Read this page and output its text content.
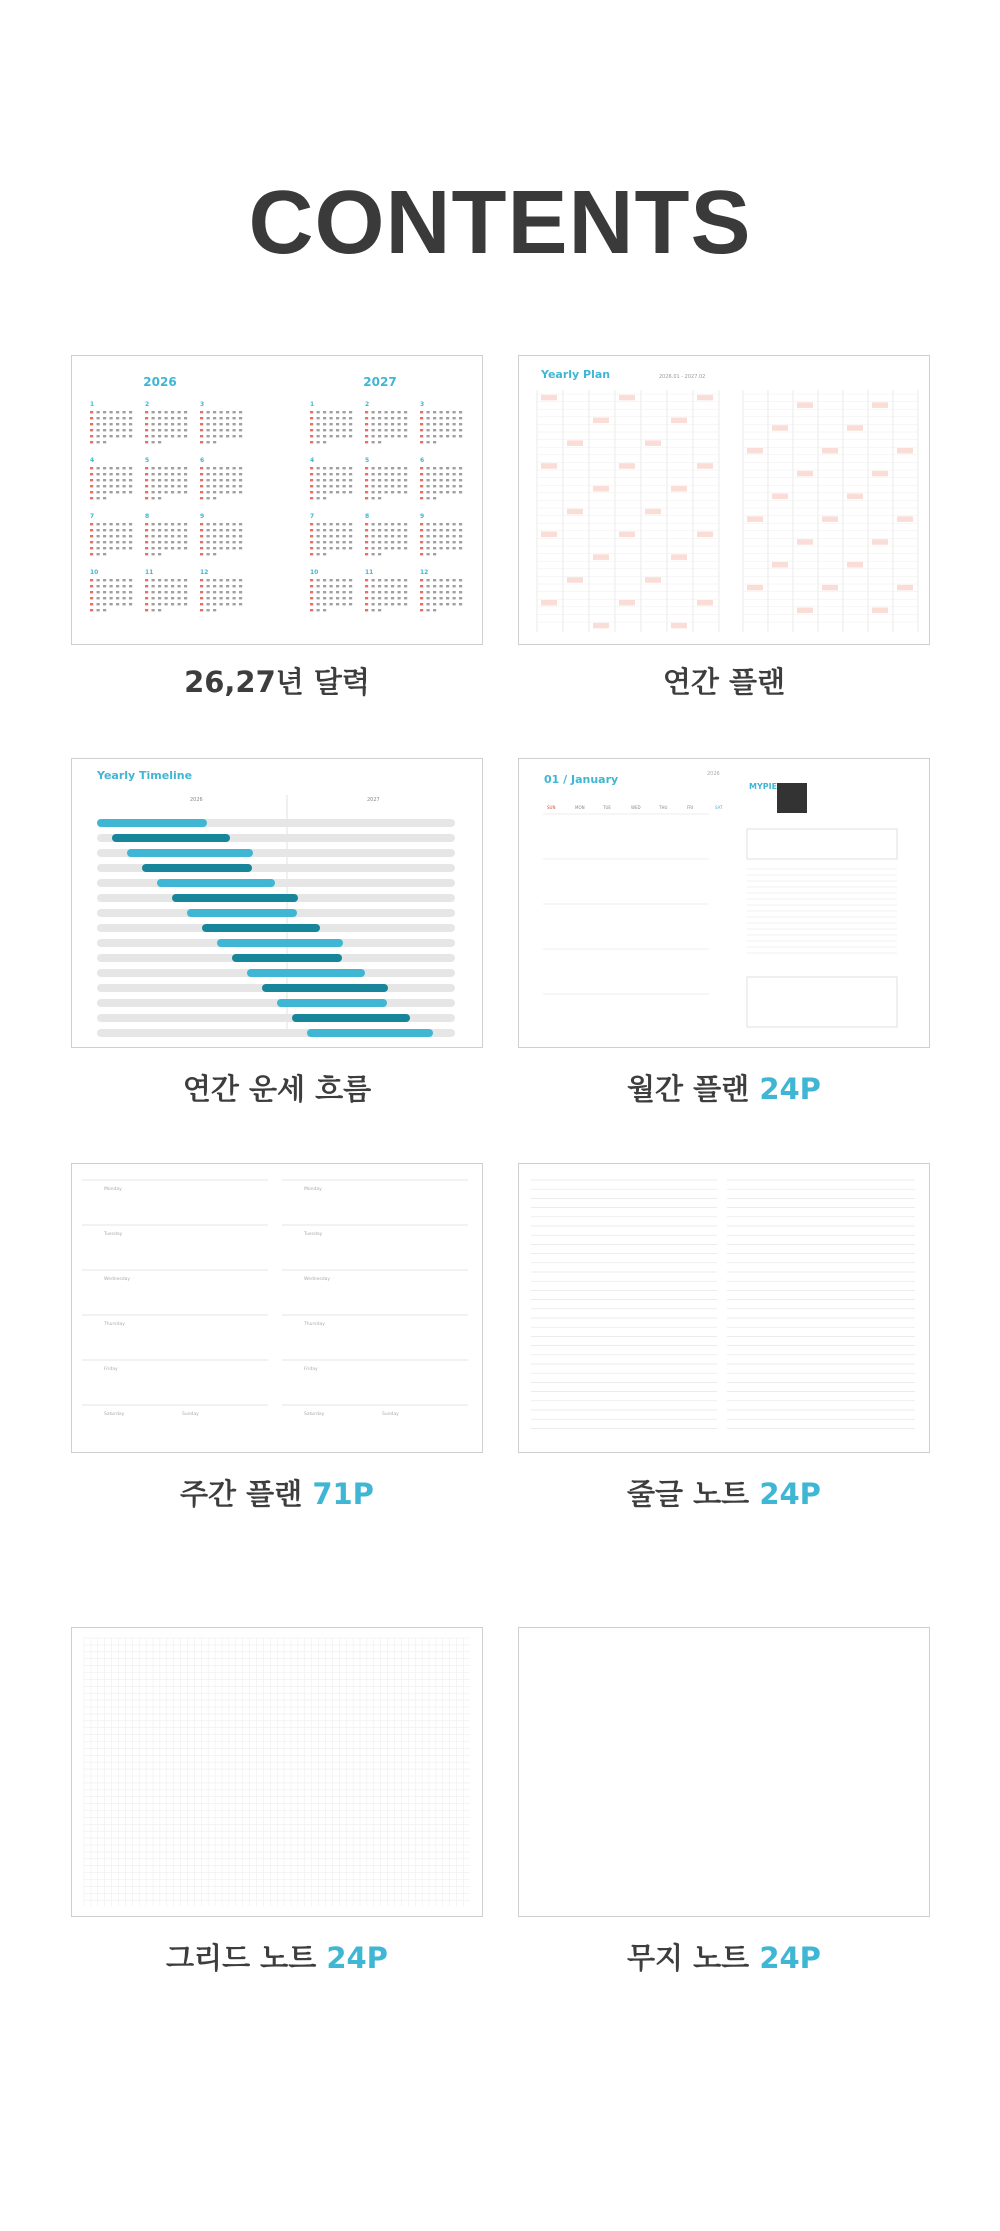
CONTENTS
2026
1	2	3
4	5	6
7	8	9
10	11	12
2027
1	2	3
4	5	6
7	8	9
10	11	12
26,27년 달력
Yearly Plan	2026.01 - 2027.02
연간 플랜
Yearly Timeline
2026	2027
연간 운세 흐름
01 / January	2026
SUN	MON	TUE	WED	THU	FRI	SAT
MYPIE
월간 플랜 24P
Monday
Tuesday
Wednesday
Thursday
Friday
Saturday	Sunday
Monday
Tuesday
Wednesday
Thursday
Friday
Saturday	Sunday
주간 플랜 71P	줄글 노트 24P
그리드 노트 24P	무지 노트 24P
